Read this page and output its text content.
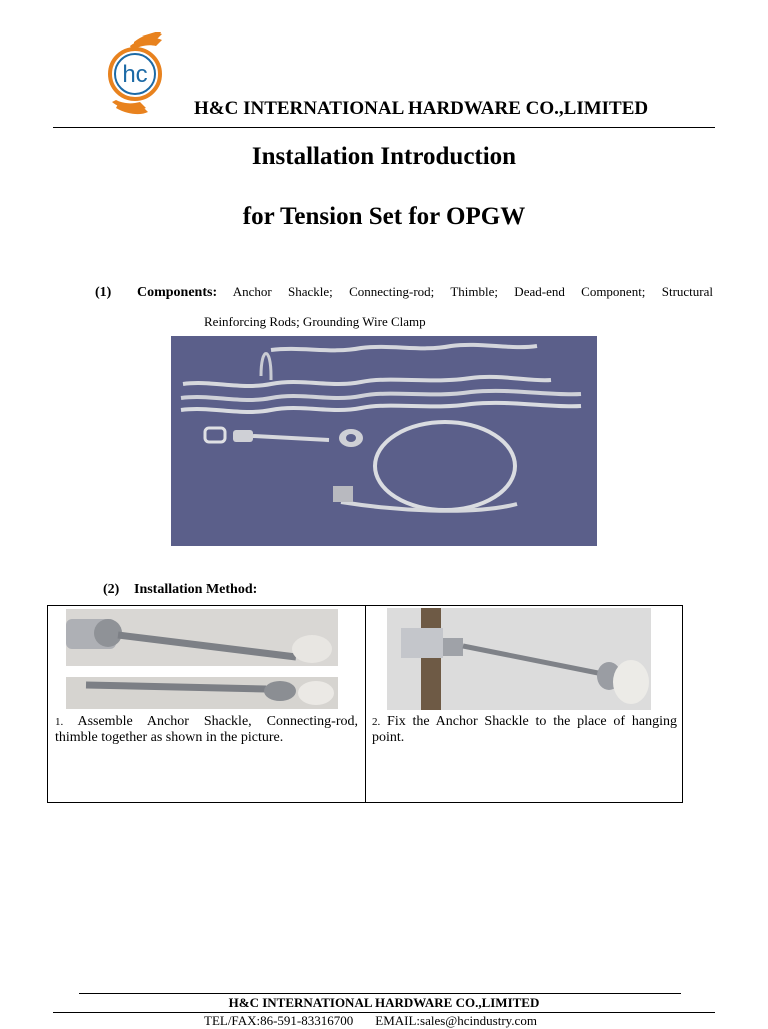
hc
H&C INTERNATIONAL HARDWARE CO.,LIMITED
Installation Introduction
for Tension Set for OPGW
(1) Components: Anchor Shackle; Connecting-rod; Thimble; Dead-end Component; Structural
Reinforcing Rods; Grounding Wire Clamp
(2) Installation Method:
1. Assemble Anchor Shackle, Connecting-rod, thimble together as shown in the picture.
2. Fix the Anchor Shackle to the place of hanging point.
H&C INTERNATIONAL HARDWARE CO.,LIMITED
TEL/FAX:86-591-83316700 EMAIL:sales@hcindustry.com
